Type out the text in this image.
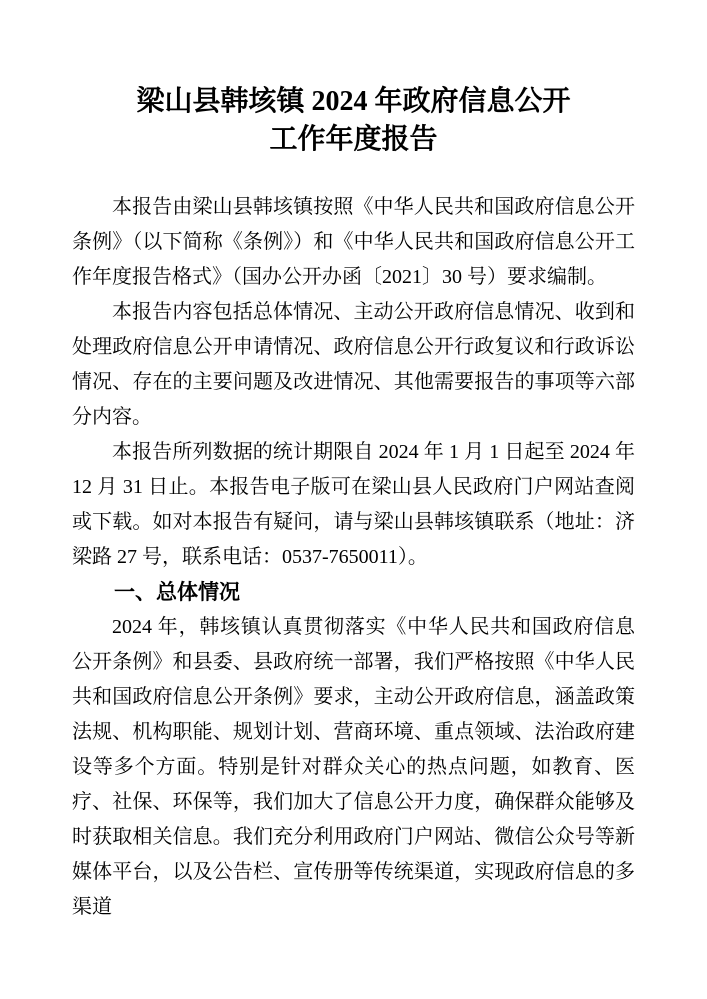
梁山县韩垓镇 2024 年政府信息公开
工作年度报告

本报告由梁山县韩垓镇按照《中华人民共和国政府信息公开条例》（以下简称《条例》）和《中华人民共和国政府信息公开工作年度报告格式》（国办公开办函〔2021〕30 号）要求编制。

本报告内容包括总体情况、主动公开政府信息情况、收到和处理政府信息公开申请情况、政府信息公开行政复议和行政诉讼情况、存在的主要问题及改进情况、其他需要报告的事项等六部分内容。

本报告所列数据的统计期限自 2024 年 1 月 1 日起至 2024 年 12 月 31 日止。本报告电子版可在梁山县人民政府门户网站查阅或下载。如对本报告有疑问，请与梁山县韩垓镇联系（地址：济梁路 27 号，联系电话：0537-7650011）。

一、总体情况

2024 年，韩垓镇认真贯彻落实《中华人民共和国政府信息公开条例》和县委、县政府统一部署，我们严格按照《中华人民共和国政府信息公开条例》要求，主动公开政府信息，涵盖政策法规、机构职能、规划计划、营商环境、重点领域、法治政府建设等多个方面。特别是针对群众关心的热点问题，如教育、医疗、社保、环保等，我们加大了信息公开力度，确保群众能够及时获取相关信息。我们充分利用政府门户网站、微信公众号等新媒体平台，以及公告栏、宣传册等传统渠道，实现政府信息的多渠道
